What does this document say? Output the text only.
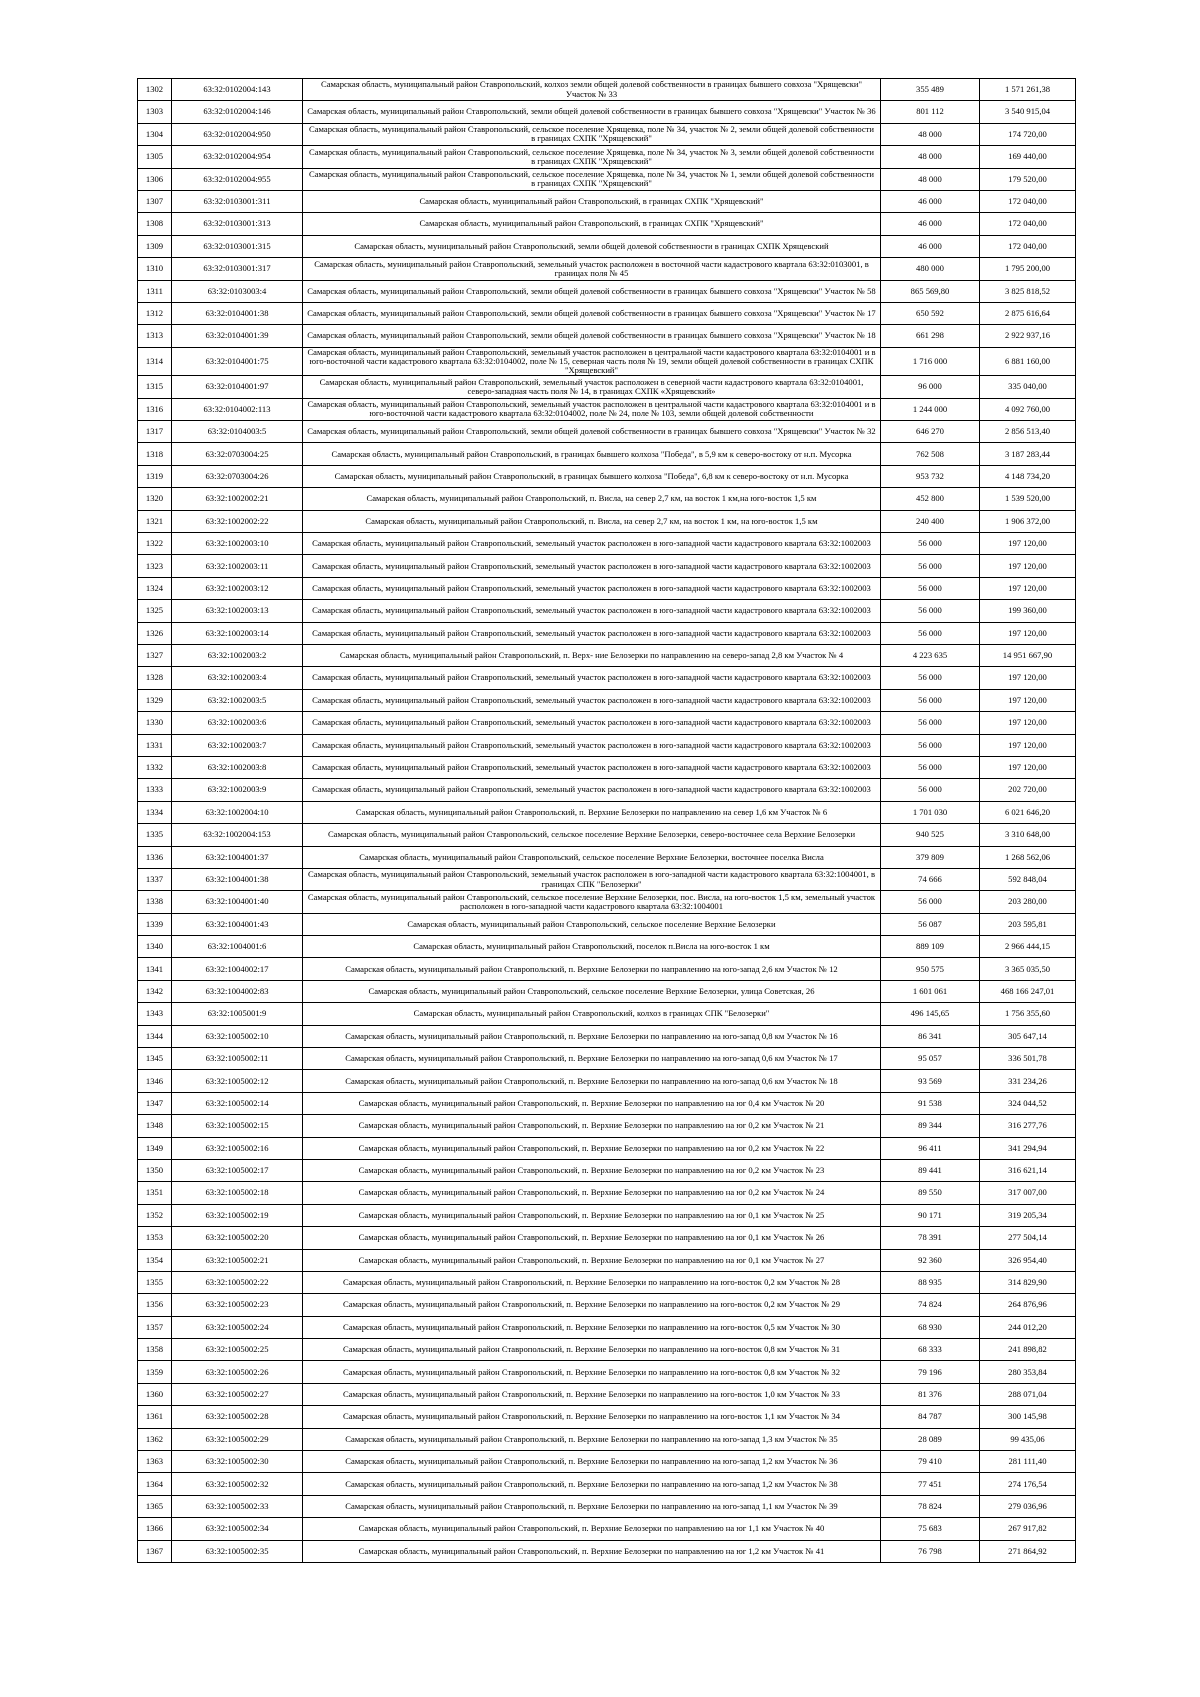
1302	63:32:0102004:143	Самарская область, муниципальный район Ставропольский, колхоз земли общей долевой собственности в границах бывшего совхоза "Хрящевски" Участок № 33	355 489	1 571 261,38
1303	63:32:0102004:146	Самарская область, муниципальный район Ставропольский, земли общей долевой собственности в границах бывшего совхоза "Хрящевски" Участок № 36	801 112	3 540 915,04
1304	63:32:0102004:950	Самарская область, муниципальный район Ставропольский, сельское поселение Хрящевка, поле № 34, участок № 2, земли общей долевой собственности в границах СХПК "Хрящевский"	48 000	174 720,00
1305	63:32:0102004:954	Самарская область, муниципальный район Ставропольский, сельское поселение Хрящевка, поле № 34, участок № 3, земли общей долевой собственности в границах СХПК "Хрящевский"	48 000	169 440,00
1306	63:32:0102004:955	Самарская область, муниципальный район Ставропольский, сельское поселение Хрящевка, поле № 34, участок № 1, земли общей долевой собственности в границах СХПК "Хрящевский"	48 000	179 520,00
1307	63:32:0103001:311	Самарская область, муниципальный район Ставропольский, в границах СХПК "Хрящевский"	46 000	172 040,00
1308	63:32:0103001:313	Самарская область, муниципальный район Ставропольский, в границах СХПК "Хрящевский"	46 000	172 040,00
1309	63:32:0103001:315	Самарская область, муниципальный район Ставропольский, земли общей долевой собственности в границах СХПК Хрящевский	46 000	172 040,00
1310	63:32:0103001:317	Самарская область, муниципальный район Ставропольский, земельный участок расположен в восточной части кадастрового квартала 63:32:0103001, в границах поля № 45	480 000	1 795 200,00
1311	63:32:0103003:4	Самарская область, муниципальный район Ставропольский, земли общей долевой собственности в границах бывшего совхоза "Хрящевски" Участок № 58	865 569,80	3 825 818,52
1312	63:32:0104001:38	Самарская область, муниципальный район Ставропольский, земли общей долевой собственности в границах бывшего совхоза "Хрящевски" Участок № 17	650 592	2 875 616,64
1313	63:32:0104001:39	Самарская область, муниципальный район Ставропольский, земли общей долевой собственности в границах бывшего совхоза "Хрящевски" Участок № 18	661 298	2 922 937,16
1314	63:32:0104001:75	Самарская область, муниципальный район Ставропольский, земельный участок расположен в центральной части кадастрового квартала 63:32:0104001 и в юго-восточной части кадастрового квартала 63:32:0104002, поле № 15, северная часть поля № 19, земли общей долевой собственности в границах СХПК "Хрящевский"	1 716 000	6 881 160,00
1315	63:32:0104001:97	Самарская область, муниципальный район Ставропольский, земельный участок расположен в северной части кадастрового квартала 63:32:0104001, северо-западная часть поля № 14, в границах СХПК «Хрящевский»	96 000	335 040,00
1316	63:32:0104002:113	Самарская область, муниципальный район Ставропольский, земельный участок расположен в центральной части кадастрового квартала 63:32:0104001 и в юго-восточной части кадастрового квартала 63:32:0104002, поле № 24, поле № 103, земли общей долевой собственности	1 244 000	4 092 760,00
1317	63:32:0104003:5	Самарская область, муниципальный район Ставропольский, земли общей долевой собственности в границах бывшего совхоза "Хрящевски" Участок № 32	646 270	2 856 513,40
1318	63:32:0703004:25	Самарская область, муниципальный район Ставропольский, в границах бывшего колхоза "Победа", в 5,9 км к северо-востоку от н.п. Мусорка	762 508	3 187 283,44
1319	63:32:0703004:26	Самарская область, муниципальный район Ставропольский, в границах бывшего колхоза "Победа", 6,8 км к северо-востоку от н.п. Мусорка	953 732	4 148 734,20
1320	63:32:1002002:21	Самарская область, муниципальный район Ставропольский, п. Висла, на север 2,7 км, на восток 1 км,на юго-восток 1,5 км	452 800	1 539 520,00
1321	63:32:1002002:22	Самарская область, муниципальный район Ставропольский, п. Висла, на север 2,7 км, на восток 1 км, на юго-восток 1,5 км	240 400	1 906 372,00
1322	63:32:1002003:10	Самарская область, муниципальный район Ставропольский, земельный участок расположен в юго-западной части кадастрового квартала 63:32:1002003	56 000	197 120,00
1323	63:32:1002003:11	Самарская область, муниципальный район Ставропольский, земельный участок расположен в юго-западной части кадастрового квартала 63:32:1002003	56 000	197 120,00
1324	63:32:1002003:12	Самарская область, муниципальный район Ставропольский, земельный участок расположен в юго-западной части кадастрового квартала 63:32:1002003	56 000	197 120,00
1325	63:32:1002003:13	Самарская область, муниципальный район Ставропольский, земельный участок расположен в юго-западной части кадастрового квартала 63:32:1002003	56 000	199 360,00
1326	63:32:1002003:14	Самарская область, муниципальный район Ставропольский, земельный участок расположен в юго-западной части кадастрового квартала 63:32:1002003	56 000	197 120,00
1327	63:32:1002003:2	Самарская область, муниципальный район Ставропольский, п. Верх- ние Белозерки по направлению на северо-запад 2,8 км Участок № 4	4 223 635	14 951 667,90
1328	63:32:1002003:4	Самарская область, муниципальный район Ставропольский, земельный участок расположен в юго-западной части кадастрового квартала 63:32:1002003	56 000	197 120,00
1329	63:32:1002003:5	Самарская область, муниципальный район Ставропольский, земельный участок расположен в юго-западной части кадастрового квартала 63:32:1002003	56 000	197 120,00
1330	63:32:1002003:6	Самарская область, муниципальный район Ставропольский, земельный участок расположен в юго-западной части кадастрового квартала 63:32:1002003	56 000	197 120,00
1331	63:32:1002003:7	Самарская область, муниципальный район Ставропольский, земельный участок расположен в юго-западной части кадастрового квартала 63:32:1002003	56 000	197 120,00
1332	63:32:1002003:8	Самарская область, муниципальный район Ставропольский, земельный участок расположен в юго-западной части кадастрового квартала 63:32:1002003	56 000	197 120,00
1333	63:32:1002003:9	Самарская область, муниципальный район Ставропольский, земельный участок расположен в юго-западной части кадастрового квартала 63:32:1002003	56 000	202 720,00
1334	63:32:1002004:10	Самарская область, муниципальный район Ставропольский, п. Верхние Белозерки по направлению на север 1,6 км Участок № 6	1 701 030	6 021 646,20
1335	63:32:1002004:153	Самарская область, муниципальный район Ставропольский, сельское поселение Верхние Белозерки, северо-восточнее села Верхние Белозерки	940 525	3 310 648,00
1336	63:32:1004001:37	Самарская область, муниципальный район Ставропольский, сельское поселение Верхние Белозерки, восточнее поселка Висла	379 809	1 268 562,06
1337	63:32:1004001:38	Самарская область, муниципальный район Ставропольский, земельный участок расположен в юго-западной части кадастрового квартала 63:32:1004001, в границах СПК "Белозерки"	74 666	592 848,04
1338	63:32:1004001:40	Самарская область, муниципальный район Ставропольский, сельское поселение Верхние Белозерки, пос. Висла, на юго-восток 1,5 км, земельный участок расположен в юго-западной части кадастрового квартала 63:32:1004001	56 000	203 280,00
1339	63:32:1004001:43	Самарская область, муниципальный район Ставропольский, сельское поселение Верхние Белозерки	56 087	203 595,81
1340	63:32:1004001:6	Самарская область, муниципальный район Ставропольский, поселок п.Висла на юго-восток 1 км	889 109	2 966 444,15
1341	63:32:1004002:17	Самарская область, муниципальный район Ставропольский, п. Верхние Белозерки по направлению на юго-запад 2,6 км Участок № 12	950 575	3 365 035,50
1342	63:32:1004002:83	Самарская область, муниципальный район Ставропольский, сельское поселение Верхние Белозерки, улица Советская, 26	1 601 061	468 166 247,01
1343	63:32:1005001:9	Самарская область, муниципальный район Ставропольский, колхоз в границах СПК "Белозерки"	496 145,65	1 756 355,60
1344	63:32:1005002:10	Самарская область, муниципальный район Ставропольский, п. Верхние Белозерки по направлению на юго-запад 0,8 км Участок № 16	86 341	305 647,14
1345	63:32:1005002:11	Самарская область, муниципальный район Ставропольский, п. Верхние Белозерки по направлению на юго-запад 0,6 км Участок № 17	95 057	336 501,78
1346	63:32:1005002:12	Самарская область, муниципальный район Ставропольский, п. Верхние Белозерки по направлению на юго-запад 0,6 км Участок № 18	93 569	331 234,26
1347	63:32:1005002:14	Самарская область, муниципальный район Ставропольский, п. Верхние Белозерки по направлению на юг 0,4 км Участок № 20	91 538	324 044,52
1348	63:32:1005002:15	Самарская область, муниципальный район Ставропольский, п. Верхние Белозерки по направлению на юг 0,2 км Участок № 21	89 344	316 277,76
1349	63:32:1005002:16	Самарская область, муниципальный район Ставропольский, п. Верхние Белозерки по направлению на юг 0,2 км Участок № 22	96 411	341 294,94
1350	63:32:1005002:17	Самарская область, муниципальный район Ставропольский, п. Верхние Белозерки по направлению на юг 0,2 км Участок № 23	89 441	316 621,14
1351	63:32:1005002:18	Самарская область, муниципальный район Ставропольский, п. Верхние Белозерки по направлению на юг 0,2 км Участок № 24	89 550	317 007,00
1352	63:32:1005002:19	Самарская область, муниципальный район Ставропольский, п. Верхние Белозерки по направлению на юг 0,1 км Участок № 25	90 171	319 205,34
1353	63:32:1005002:20	Самарская область, муниципальный район Ставропольский, п. Верхние Белозерки по направлению на юг 0,1 км Участок № 26	78 391	277 504,14
1354	63:32:1005002:21	Самарская область, муниципальный район Ставропольский, п. Верхние Белозерки по направлению на юг 0,1 км Участок № 27	92 360	326 954,40
1355	63:32:1005002:22	Самарская область, муниципальный район Ставропольский, п. Верхние Белозерки по направлению на юго-восток 0,2 км Участок № 28	88 935	314 829,90
1356	63:32:1005002:23	Самарская область, муниципальный район Ставропольский, п. Верхние Белозерки по направлению на юго-восток 0,2 км Участок № 29	74 824	264 876,96
1357	63:32:1005002:24	Самарская область, муниципальный район Ставропольский, п. Верхние Белозерки по направлению на юго-восток 0,5 км Участок № 30	68 930	244 012,20
1358	63:32:1005002:25	Самарская область, муниципальный район Ставропольский, п. Верхние Белозерки по направлению на юго-восток 0,8 км Участок № 31	68 333	241 898,82
1359	63:32:1005002:26	Самарская область, муниципальный район Ставропольский, п. Верхние Белозерки по направлению на юго-восток 0,8 км Участок № 32	79 196	280 353,84
1360	63:32:1005002:27	Самарская область, муниципальный район Ставропольский, п. Верхние Белозерки по направлению на юго-восток 1,0 км Участок № 33	81 376	288 071,04
1361	63:32:1005002:28	Самарская область, муниципальный район Ставропольский, п. Верхние Белозерки по направлению на юго-восток 1,1 км Участок № 34	84 787	300 145,98
1362	63:32:1005002:29	Самарская область, муниципальный район Ставропольский, п. Верхние Белозерки по направлению на юго-запад 1,3 км Участок № 35	28 089	99 435,06
1363	63:32:1005002:30	Самарская область, муниципальный район Ставропольский, п. Верхние Белозерки по направлению на юго-запад 1,2 км Участок № 36	79 410	281 111,40
1364	63:32:1005002:32	Самарская область, муниципальный район Ставропольский, п. Верхние Белозерки по направлению на юго-запад 1,2 км Участок № 38	77 451	274 176,54
1365	63:32:1005002:33	Самарская область, муниципальный район Ставропольский, п. Верхние Белозерки по направлению на юго-запад 1,1 км Участок № 39	78 824	279 036,96
1366	63:32:1005002:34	Самарская область, муниципальный район Ставропольский, п. Верхние Белозерки по направлению на юг 1,1 км Участок № 40	75 683	267 917,82
1367	63:32:1005002:35	Самарская область, муниципальный район Ставропольский, п. Верхние Белозерки по направлению на юг 1,2 км Участок № 41	76 798	271 864,92
